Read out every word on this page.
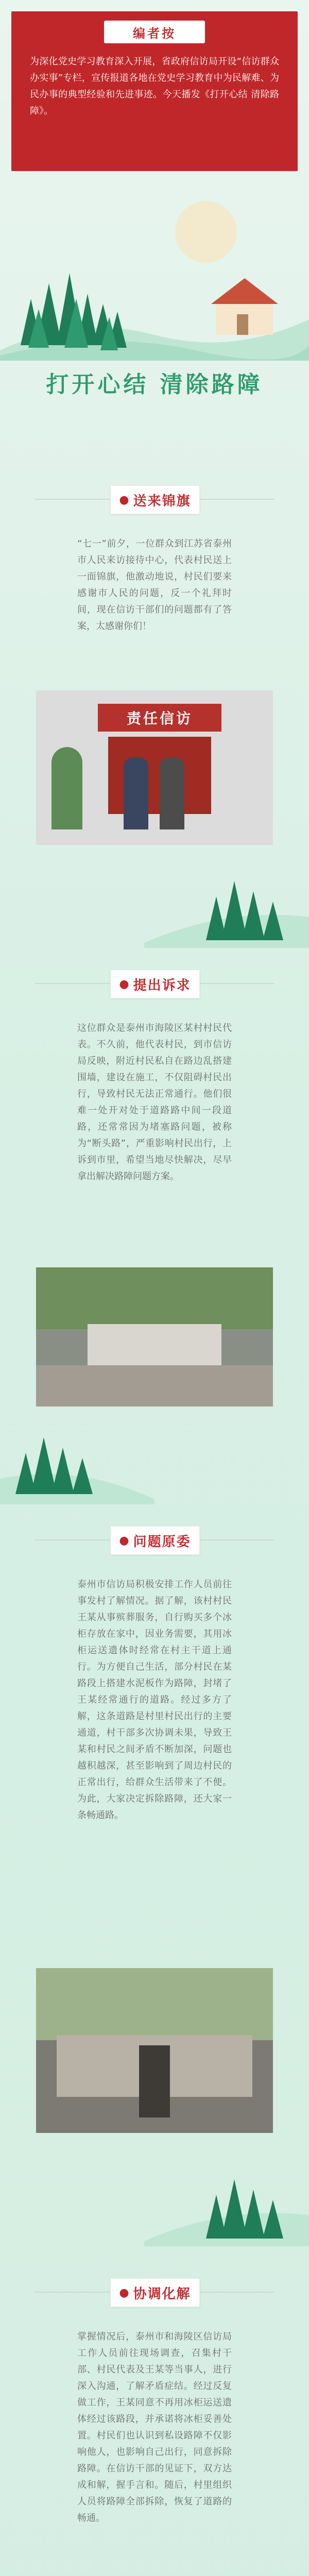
编者按
为深化党史学习教育深入开展，省政府信访局开设“信访群众办实事”专栏，宣传报道各地在党史学习教育中为民解难、为民办事的典型经验和先进事迹。今天播发《打开心结 清除路障》。
打开心结 清除路障
● 送来锦旗
“七一”前夕，一位群众到江苏省泰州市人民来访接待中心，代表村民送上一面锦旗，他激动地说，村民们要来感谢市人民的问题，反一个礼拜时间，现在信访干部们的问题都有了答案，太感谢你们！
责任信访
● 提出诉求
这位群众是泰州市海陵区某村村民代表。不久前，他代表村民，到市信访局反映，附近村民私自在路边乱搭建围墙，建设在施工，不仅阻碍村民出行，导致村民无法正常通行。他们很难一处开对处于道路路中间一段道路，还常常因为堵塞路问题，被称为“断头路”，严重影响村民出行，上诉到市里，希望当地尽快解决，尽早拿出解决路障问题方案。
● 问题原委
泰州市信访局积极安排工作人员前往事发村了解情况。据了解，该村村民王某从事殡葬服务，自行购买多个冰柜存放在家中，因业务需要，其用冰柜运送遗体时经常在村主干道上通行。为方便自己生活，部分村民在某路段上搭建水泥板作为路障，封堵了王某经常通行的道路。经过多方了解，这条道路是村里村民出行的主要通道，村干部多次协调未果，导致王某和村民之间矛盾不断加深，问题也越积越深，甚至影响到了周边村民的正常出行，给群众生活带来了不便。为此，大家决定拆除路障，还大家一条畅通路。
● 协调化解
掌握情况后，泰州市和海陵区信访局工作人员前往现场调查，召集村干部、村民代表及王某等当事人，进行深入沟通，了解矛盾症结。经过反复做工作，王某同意不再用冰柜运送遗体经过该路段，并承诺将冰柜妥善处置。村民们也认识到私设路障不仅影响他人，也影响自己出行，同意拆除路障。在信访干部的见证下，双方达成和解，握手言和。随后，村里组织人员将路障全部拆除，恢复了道路的畅通。
